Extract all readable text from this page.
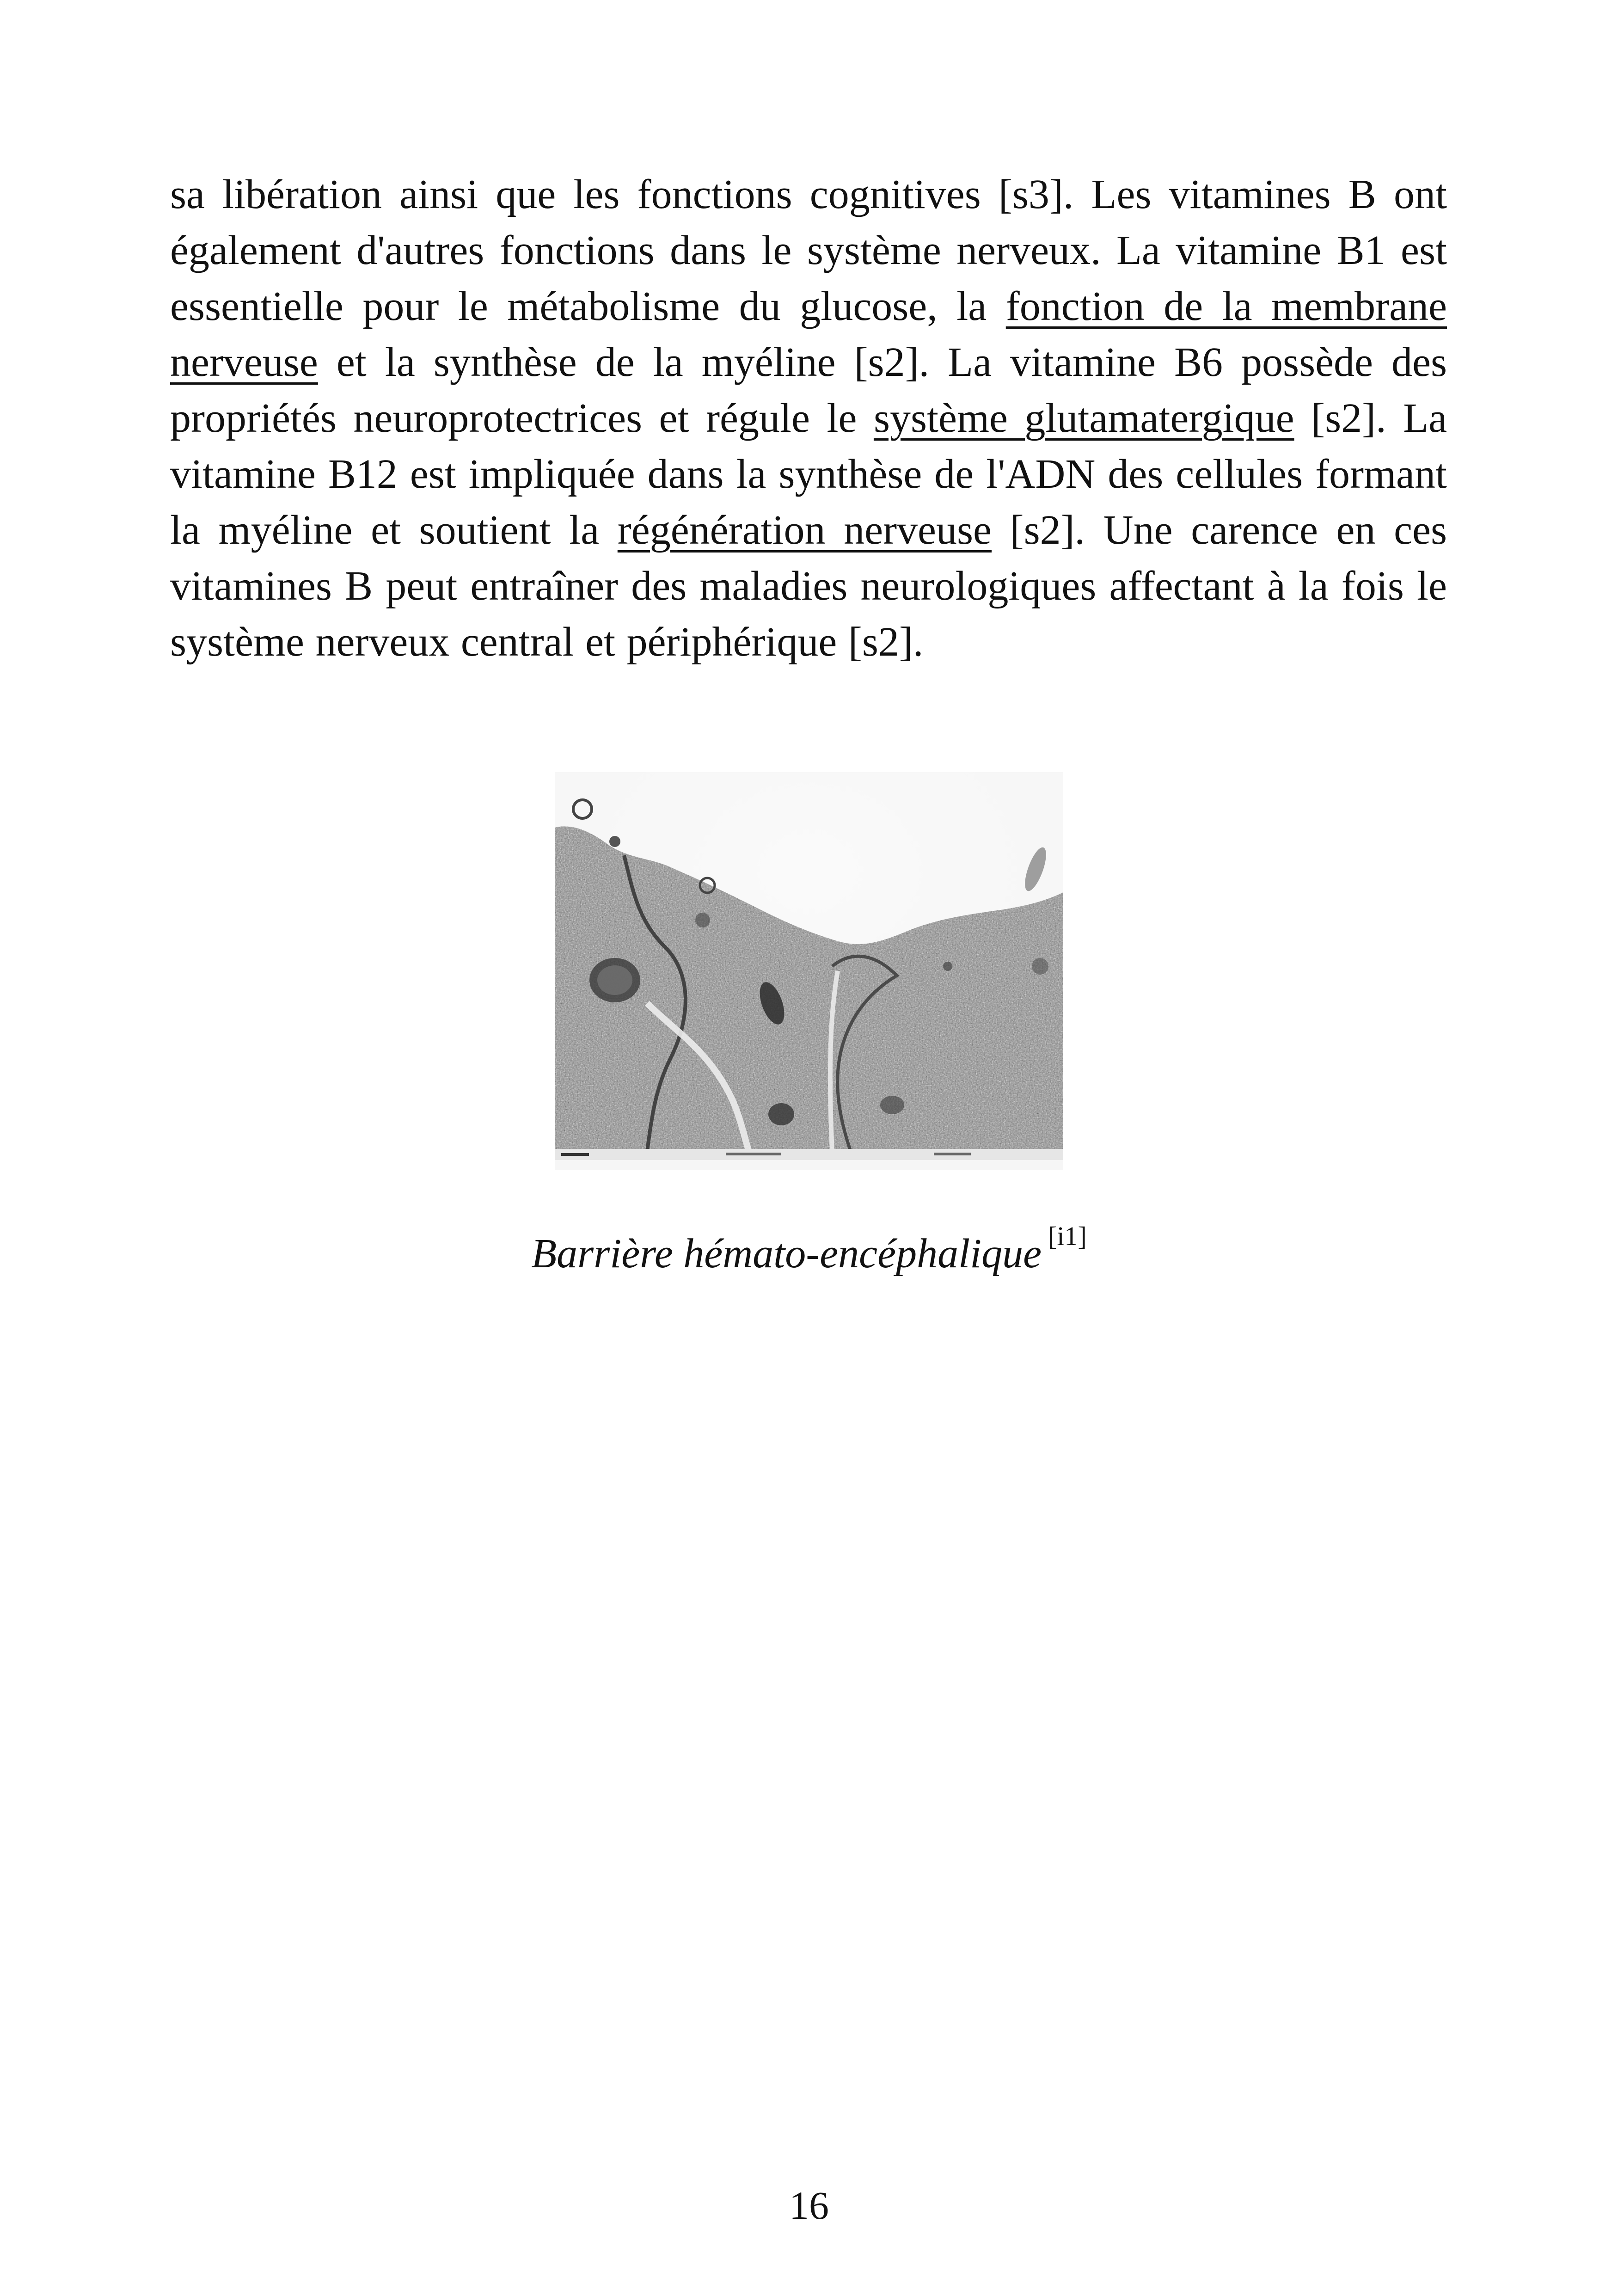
sa libération ainsi que les fonctions cognitives [s3]. Les vitamines B ont également d'autres fonctions dans le système nerveux. La vitamine B1 est essentielle pour le métabolisme du glucose, la fonction de la membrane nerveuse et la synthèse de la myéline [s2]. La vitamine B6 possède des propriétés neuroprotectrices et régule le système glutamatergique [s2]. La vitamine B12 est impliquée dans la synthèse de l'ADN des cellules formant la myéline et soutient la régénération nerveuse [s2]. Une carence en ces vitamines B peut entraîner des maladies neurologiques affectant à la fois le système nerveux central et périphérique [s2].
Barrière hémato-encéphalique [i1]
16
